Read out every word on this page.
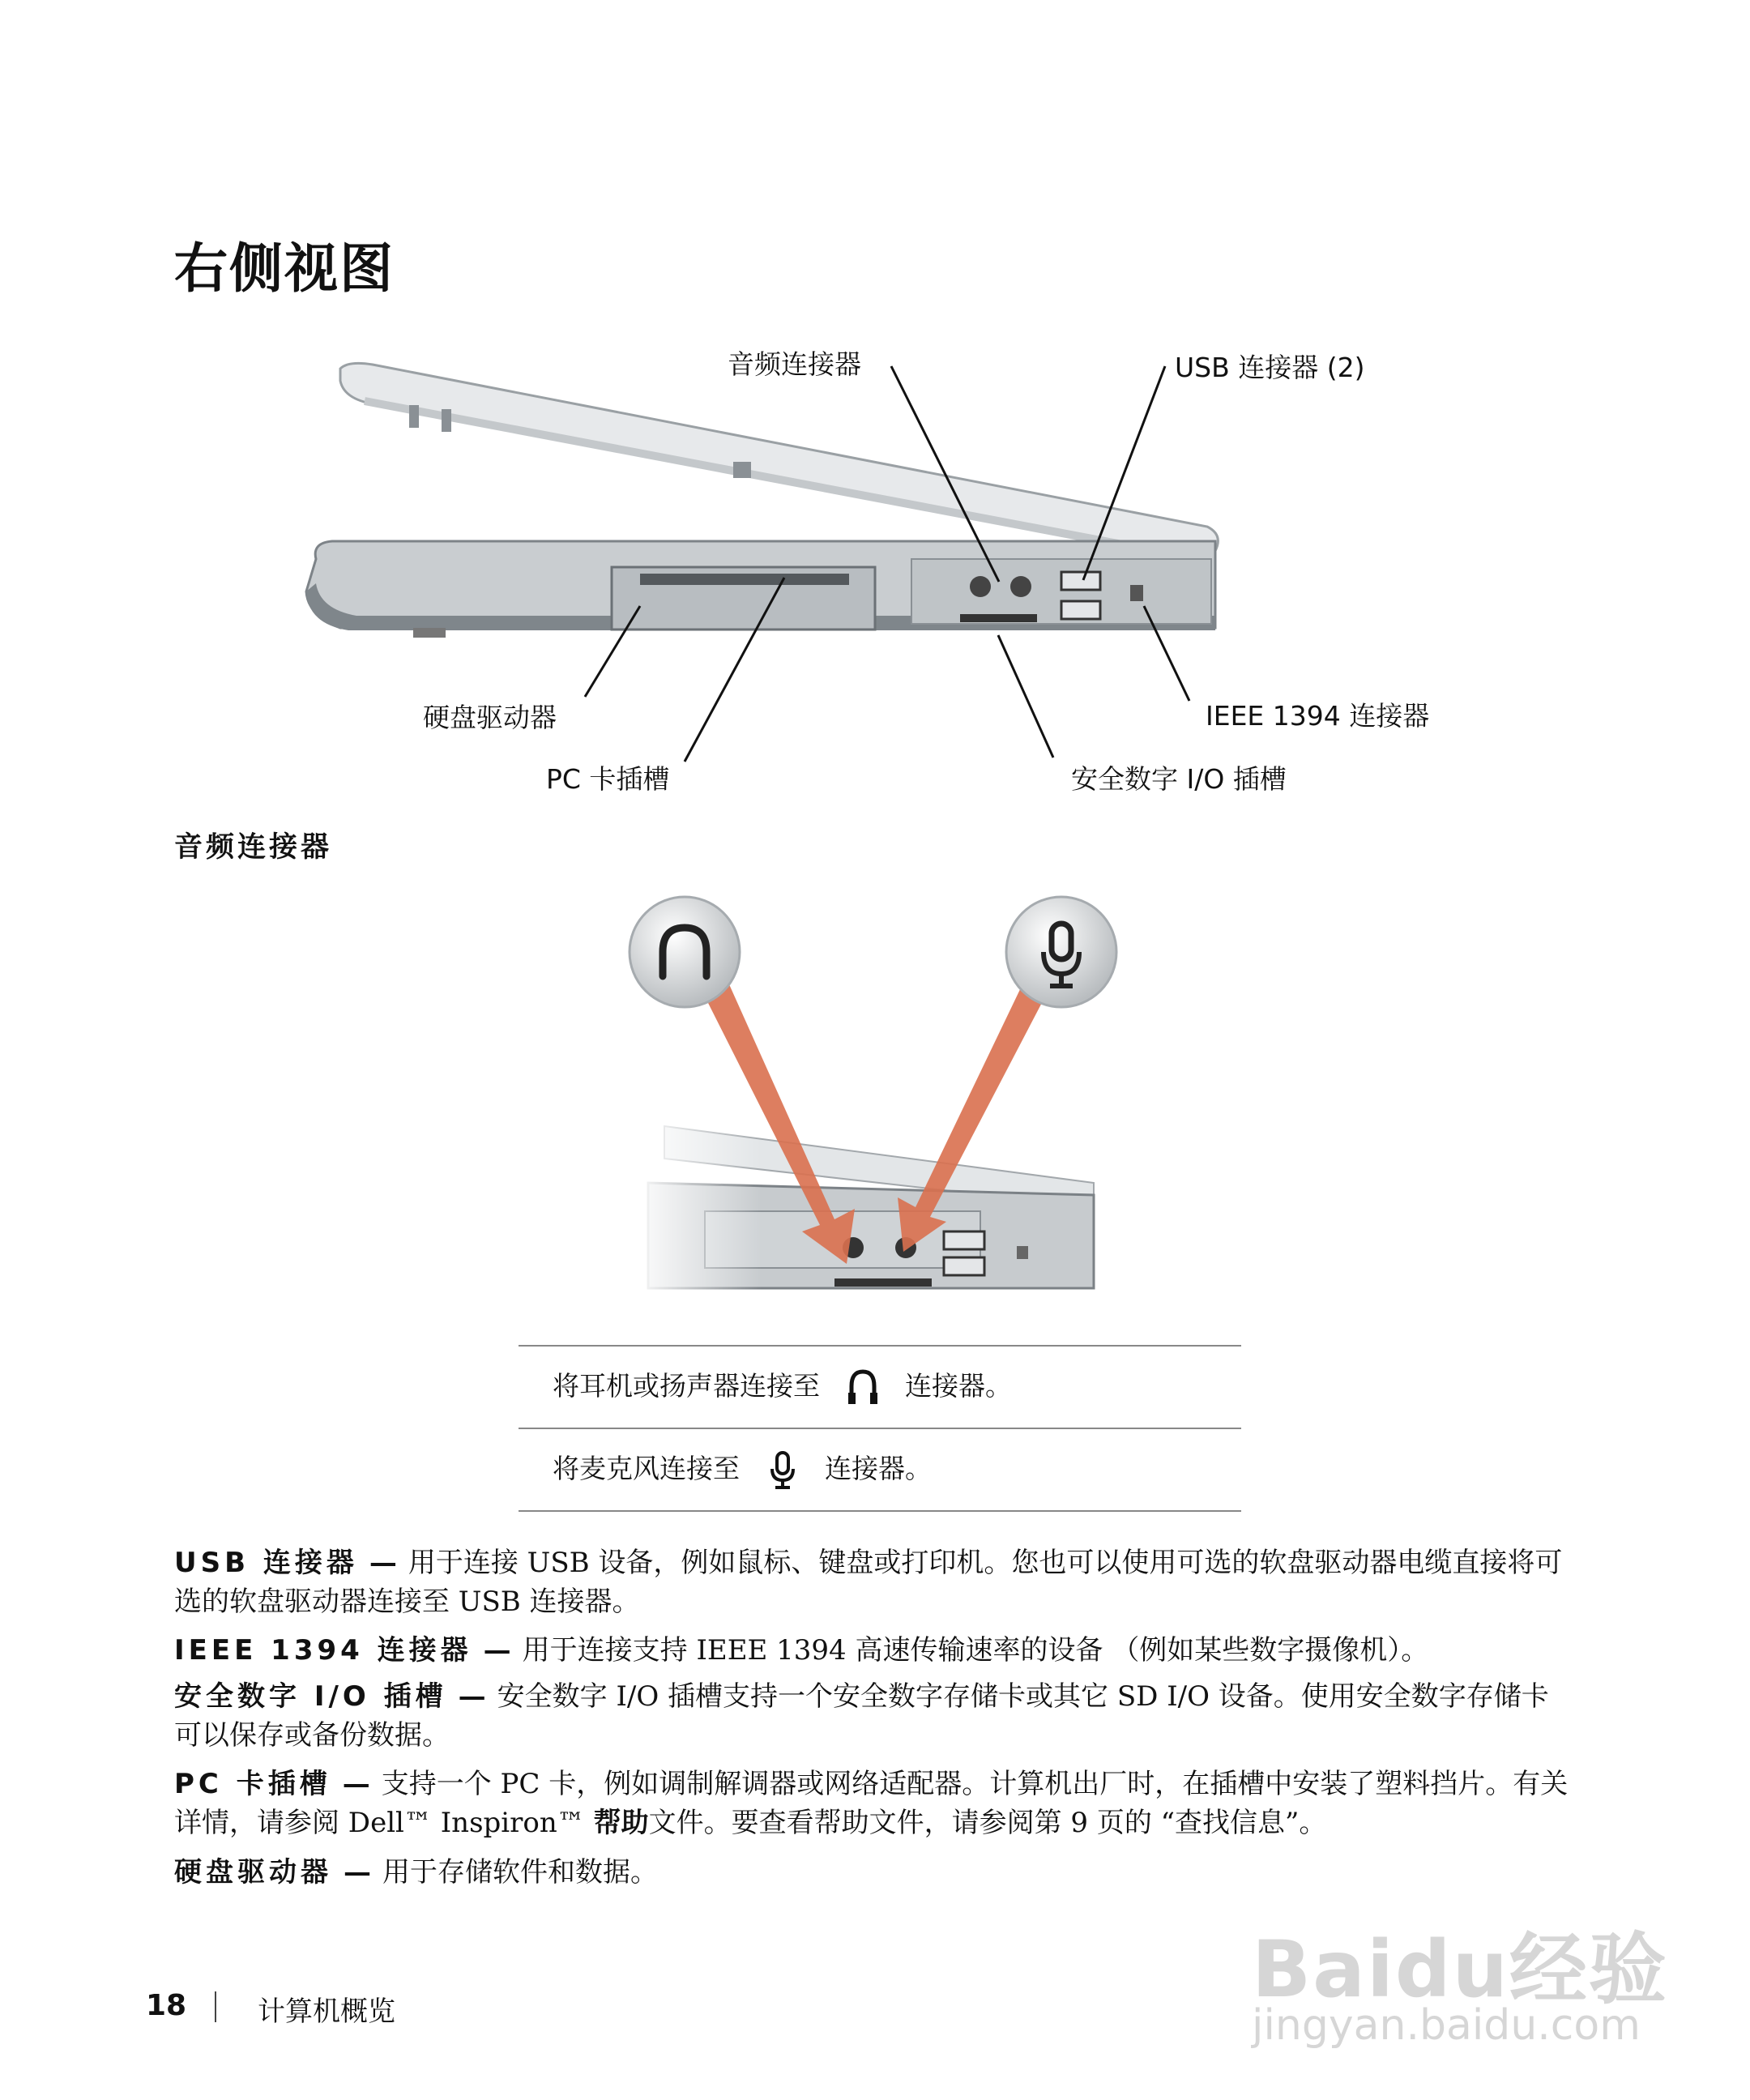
右侧视图
音频连接器	USB 连接器 (2)
硬盘驱动器	IEEE 1394 连接器
PC 卡插槽	安全数字 I/O 插槽
音频连接器
将耳机或扬声器连接至	连接器。
将麦克风连接至	连接器。
USB 连接器 — 用于连接 USB 设备，例如鼠标、键盘或打印机。您也可以使用可选的软盘驱动器电缆直接将可选的软盘驱动器连接至 USB 连接器。
IEEE 1394 连接器 — 用于连接支持 IEEE 1394 高速传输速率的设备 （例如某些数字摄像机）。
安全数字 I/O 插槽 — 安全数字 I/O 插槽支持一个安全数字存储卡或其它 SD I/O 设备。使用安全数字存储卡可以保存或备份数据。
PC 卡插槽 — 支持一个 PC 卡，例如调制解调器或网络适配器。计算机出厂时，在插槽中安装了塑料挡片。有关详情，请参阅 Dell™ Inspiron™ 帮助文件。要查看帮助文件，请参阅第 9 页的 “查找信息”。
硬盘驱动器 — 用于存储软件和数据。
18	计算机概览	Baidu经验
jingyan.baidu.com
